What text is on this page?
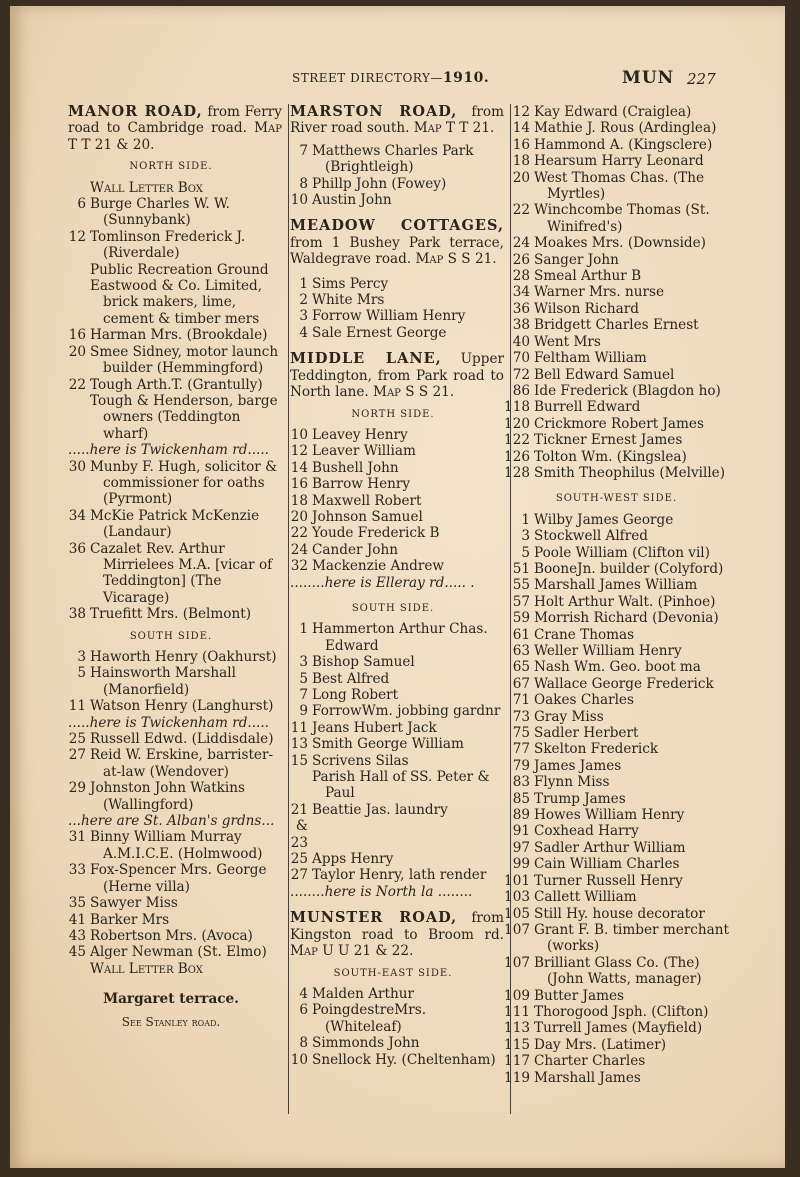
STREET DIRECTORY—1910.	MUN 227
MANOR ROAD, from Ferry road to Cambridge road. Map T T 21 & 20.
NORTH SIDE.
Wall Letter Box
6 Burge Charles W. W. (Sunnybank)
12 Tomlinson Frederick J. (Riverdale)
Public Recreation Ground
Eastwood & Co. Limited, brick makers, lime, cement & timber mers
16 Harman Mrs. (Brookdale)
20 Smee Sidney, motor launch builder (Hemmingford)
22 Tough Arth.T. (Grantully)
Tough & Henderson, barge owners (Teddington wharf)
.....here is Twickenham rd.....
30 Munby F. Hugh, solicitor & commissioner for oaths (Pyrmont)
34 McKie Patrick McKenzie (Landaur)
36 Cazalet Rev. Arthur Mirrielees M.A. [vicar of Teddington] (The Vicarage)
38 Truefitt Mrs. (Belmont)
SOUTH SIDE.
3 Haworth Henry (Oakhurst)
5 Hainsworth Marshall (Manorfield)
11 Watson Henry (Langhurst)
.....here is Twickenham rd.....
25 Russell Edwd. (Liddisdale)
27 Reid W. Erskine, barrister-at-law (Wendover)
29 Johnston John Watkins (Wallingford)
...here are St. Alban's grdns...
31 Binny William Murray A.M.I.C.E. (Holmwood)
33 Fox-Spencer Mrs. George (Herne villa)
35 Sawyer Miss
41 Barker Mrs
43 Robertson Mrs. (Avoca)
45 Alger Newman (St. Elmo)
Wall Letter Box
Margaret terrace.
See Stanley road.
MARSTON ROAD, from River road south. Map T T 21.
7 Matthews Charles Park (Brightleigh)
8 Phillp John (Fowey)
10 Austin John
MEADOW COTTAGES, from 1 Bushey Park terrace, Waldegrave road. Map S S 21.
1 Sims Percy
2 White Mrs
3 Forrow William Henry
4 Sale Ernest George
MIDDLE LANE, Upper Teddington, from Park road to North lane. Map S S 21.
NORTH SIDE.
10 Leavey Henry
12 Leaver William
14 Bushell John
16 Barrow Henry
18 Maxwell Robert
20 Johnson Samuel
22 Youde Frederick B
24 Cander John
32 Mackenzie Andrew
........here is Elleray rd..... .
SOUTH SIDE.
1 Hammerton Arthur Chas. Edward
3 Bishop Samuel
5 Best Alfred
7 Long Robert
9 ForrowWm. jobbing gardnr
11 Jeans Hubert Jack
13 Smith George William
15 Scrivens Silas
Parish Hall of SS. Peter & Paul
21 & 23
Beattie Jas. laundry
25 Apps Henry
27 Taylor Henry, lath render
........here is North la ........
MUNSTER ROAD, from Kingston road to Broom rd. Map U U 21 & 22.
SOUTH-EAST SIDE.
4 Malden Arthur
6 PoingdestreMrs. (Whiteleaf)
8 Simmonds John
10 Snellock Hy. (Cheltenham)
12 Kay Edward (Craiglea)
14 Mathie J. Rous (Ardinglea)
16 Hammond A. (Kingsclere)
18 Hearsum Harry Leonard
20 West Thomas Chas. (The Myrtles)
22 Winchcombe Thomas (St. Winifred's)
24 Moakes Mrs. (Downside)
26 Sanger John
28 Smeal Arthur B
34 Warner Mrs. nurse
36 Wilson Richard
38 Bridgett Charles Ernest
40 Went Mrs
70 Feltham William
72 Bell Edward Samuel
86 Ide Frederick (Blagdon ho)
118 Burrell Edward
120 Crickmore Robert James
122 Tickner Ernest James
126 Tolton Wm. (Kingslea)
128 Smith Theophilus (Melville)
SOUTH-WEST SIDE.
1 Wilby James George
3 Stockwell Alfred
5 Poole William (Clifton vil)
51 BooneJn. builder (Colyford)
55 Marshall James William
57 Holt Arthur Walt. (Pinhoe)
59 Morrish Richard (Devonia)
61 Crane Thomas
63 Weller William Henry
65 Nash Wm. Geo. boot ma
67 Wallace George Frederick
71 Oakes Charles
73 Gray Miss
75 Sadler Herbert
77 Skelton Frederick
79 James James
83 Flynn Miss
85 Trump James
89 Howes William Henry
91 Coxhead Harry
97 Sadler Arthur William
99 Cain William Charles
101 Turner Russell Henry
103 Callett William
105 Still Hy. house decorator
107 Grant F. B. timber merchant (works)
107 Brilliant Glass Co. (The) (John Watts, manager)
109 Butter James
111 Thorogood Jsph. (Clifton)
113 Turrell James (Mayfield)
115 Day Mrs. (Latimer)
117 Charter Charles
119 Marshall James
